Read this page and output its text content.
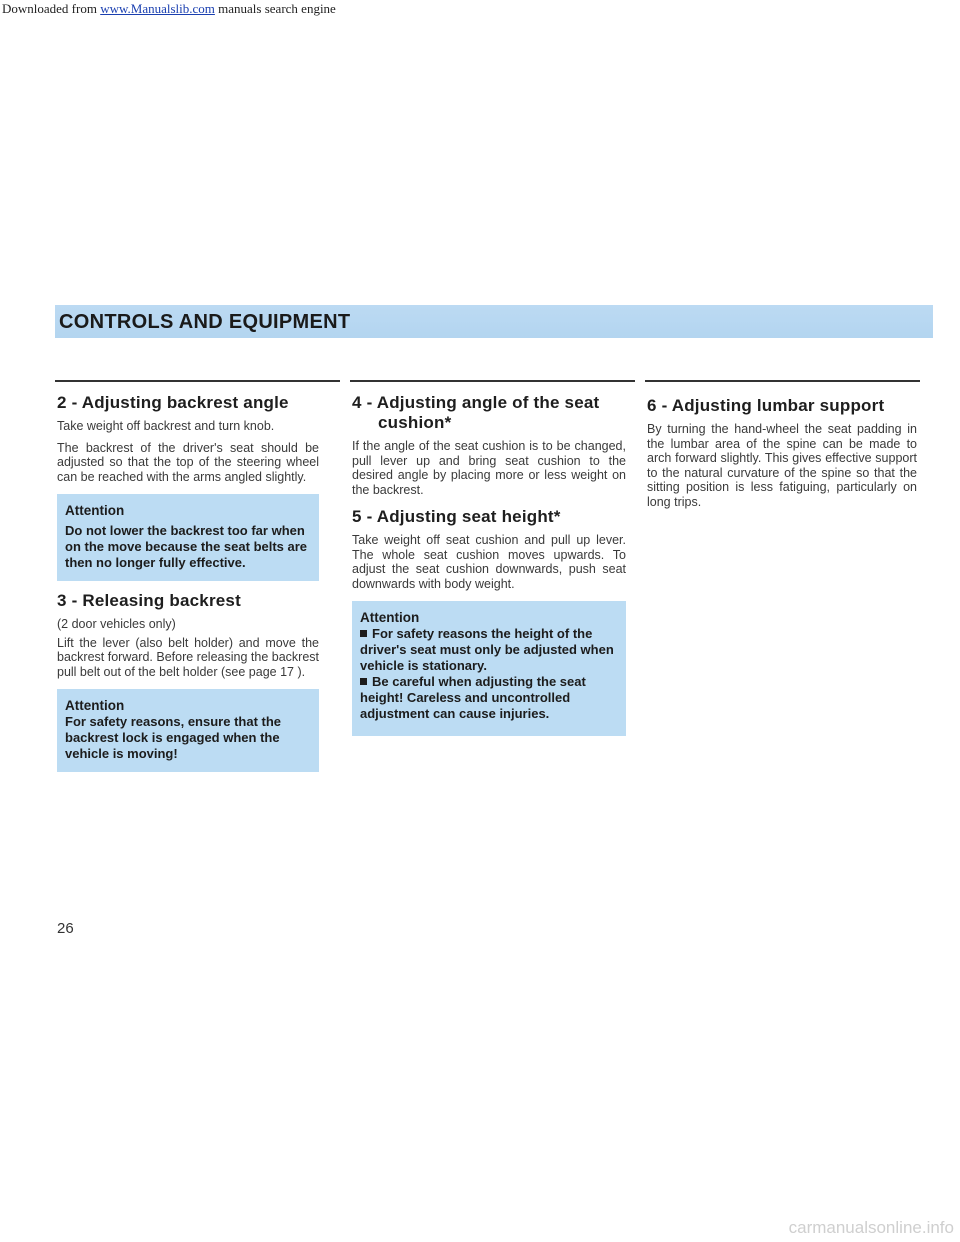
Downloaded from www.Manualslib.com manuals search engine
CONTROLS AND EQUIPMENT
2 - Adjusting backrest angle

Take weight off backrest and turn knob.

The backrest of the driver's seat should be adjusted so that the top of the steering wheel can be reached with the arms angled slightly.

Attention
Do not lower the backrest too far when on the move because the seat belts are then no longer fully effective.
3 - Releasing backrest

(2 door vehicles only)

Lift the lever (also belt holder) and move the backrest forward. Before releasing the backrest pull belt out of the belt holder (see page 17 ).

Attention
For safety reasons, ensure that the backrest lock is engaged when the vehicle is moving!
4 - Adjusting angle of the seat cushion*

If the angle of the seat cushion is to be changed, pull lever up and bring seat cushion to the desired angle by placing more or less weight on the backrest.

5 - Adjusting seat height*

Take weight off seat cushion and pull up lever. The whole seat cushion moves upwards. To adjust the seat cushion downwards, push seat downwards with body weight.

Attention
For safety reasons the height of the driver's seat must only be adjusted when vehicle is stationary.
Be careful when adjusting the seat height! Careless and uncontrolled adjustment can cause injuries.
6 - Adjusting lumbar support

By turning the hand-wheel the seat padding in the lumbar area of the spine can be made to arch forward slightly. This gives effective support to the natural curvature of the spine so that the sitting position is less fatiguing, particularly on long trips.

26
carmanualsonline.info
